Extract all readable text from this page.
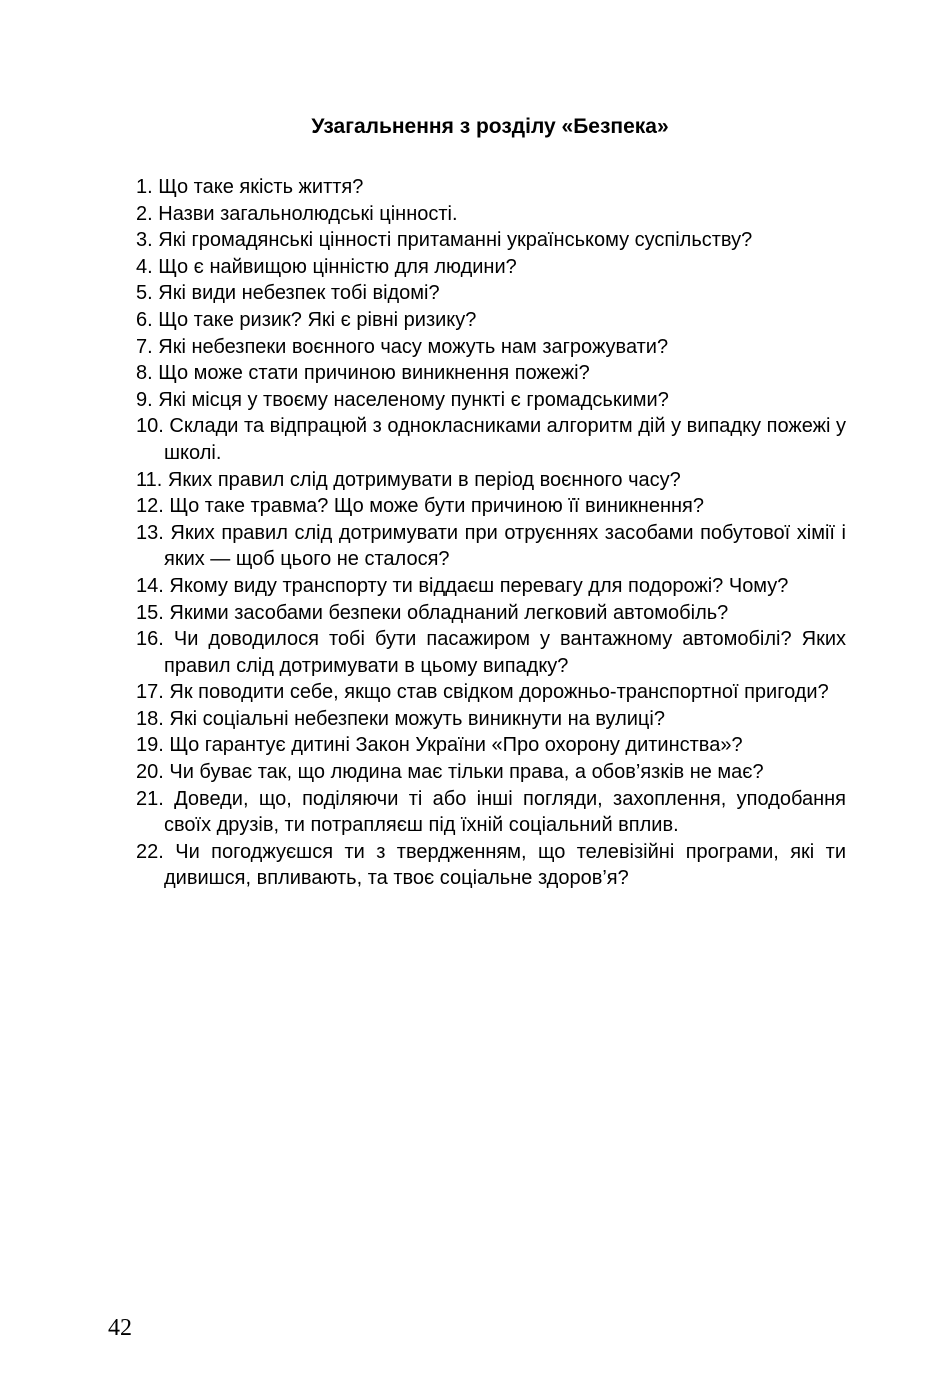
Узагальнення з розділу «Безпека»
1. Що таке якість життя?
2. Назви загальнолюдські цінності.
3. Які громадянські цінності притаманні українському суспільству?
4. Що є найвищою цінністю для людини?
5. Які види небезпек тобі відомі?
6. Що таке ризик? Які є рівні ризику?
7. Які небезпеки воєнного часу можуть нам загрожувати?
8. Що може стати причиною виникнення пожежі?
9. Які місця у твоєму населеному пункті є громадськими?
10. Склади та відпрацюй з однокласниками алгоритм дій у випадку пожежі у школі.
11. Яких правил слід дотримувати в період воєнного часу?
12. Що таке травма? Що може бути причиною її виникнення?
13. Яких правил слід дотримувати при отруєннях засобами побутової хімії і яких — щоб цього не сталося?
14. Якому виду транспорту ти віддаєш перевагу для подорожі? Чому?
15. Якими засобами безпеки обладнаний легковий автомобіль?
16. Чи доводилося тобі бути пасажиром у вантажному автомобілі? Яких правил слід дотримувати в цьому випадку?
17. Як поводити себе, якщо став свідком дорожньо-транспортної пригоди?
18. Які соціальні небезпеки можуть виникнути на вулиці?
19. Що гарантує дитині Закон України «Про охорону дитинства»?
20. Чи буває так, що людина має тільки права, а обов’язків не має?
21. Доведи, що, поділяючи ті або інші погляди, захоплення, уподобання своїх друзів, ти потрапляєш під їхній соціальний вплив.
22. Чи погоджуєшся ти з твердженням, що телевізійні програми, які ти дивишся, впливають, та твоє соціальне здоров’я?
42
